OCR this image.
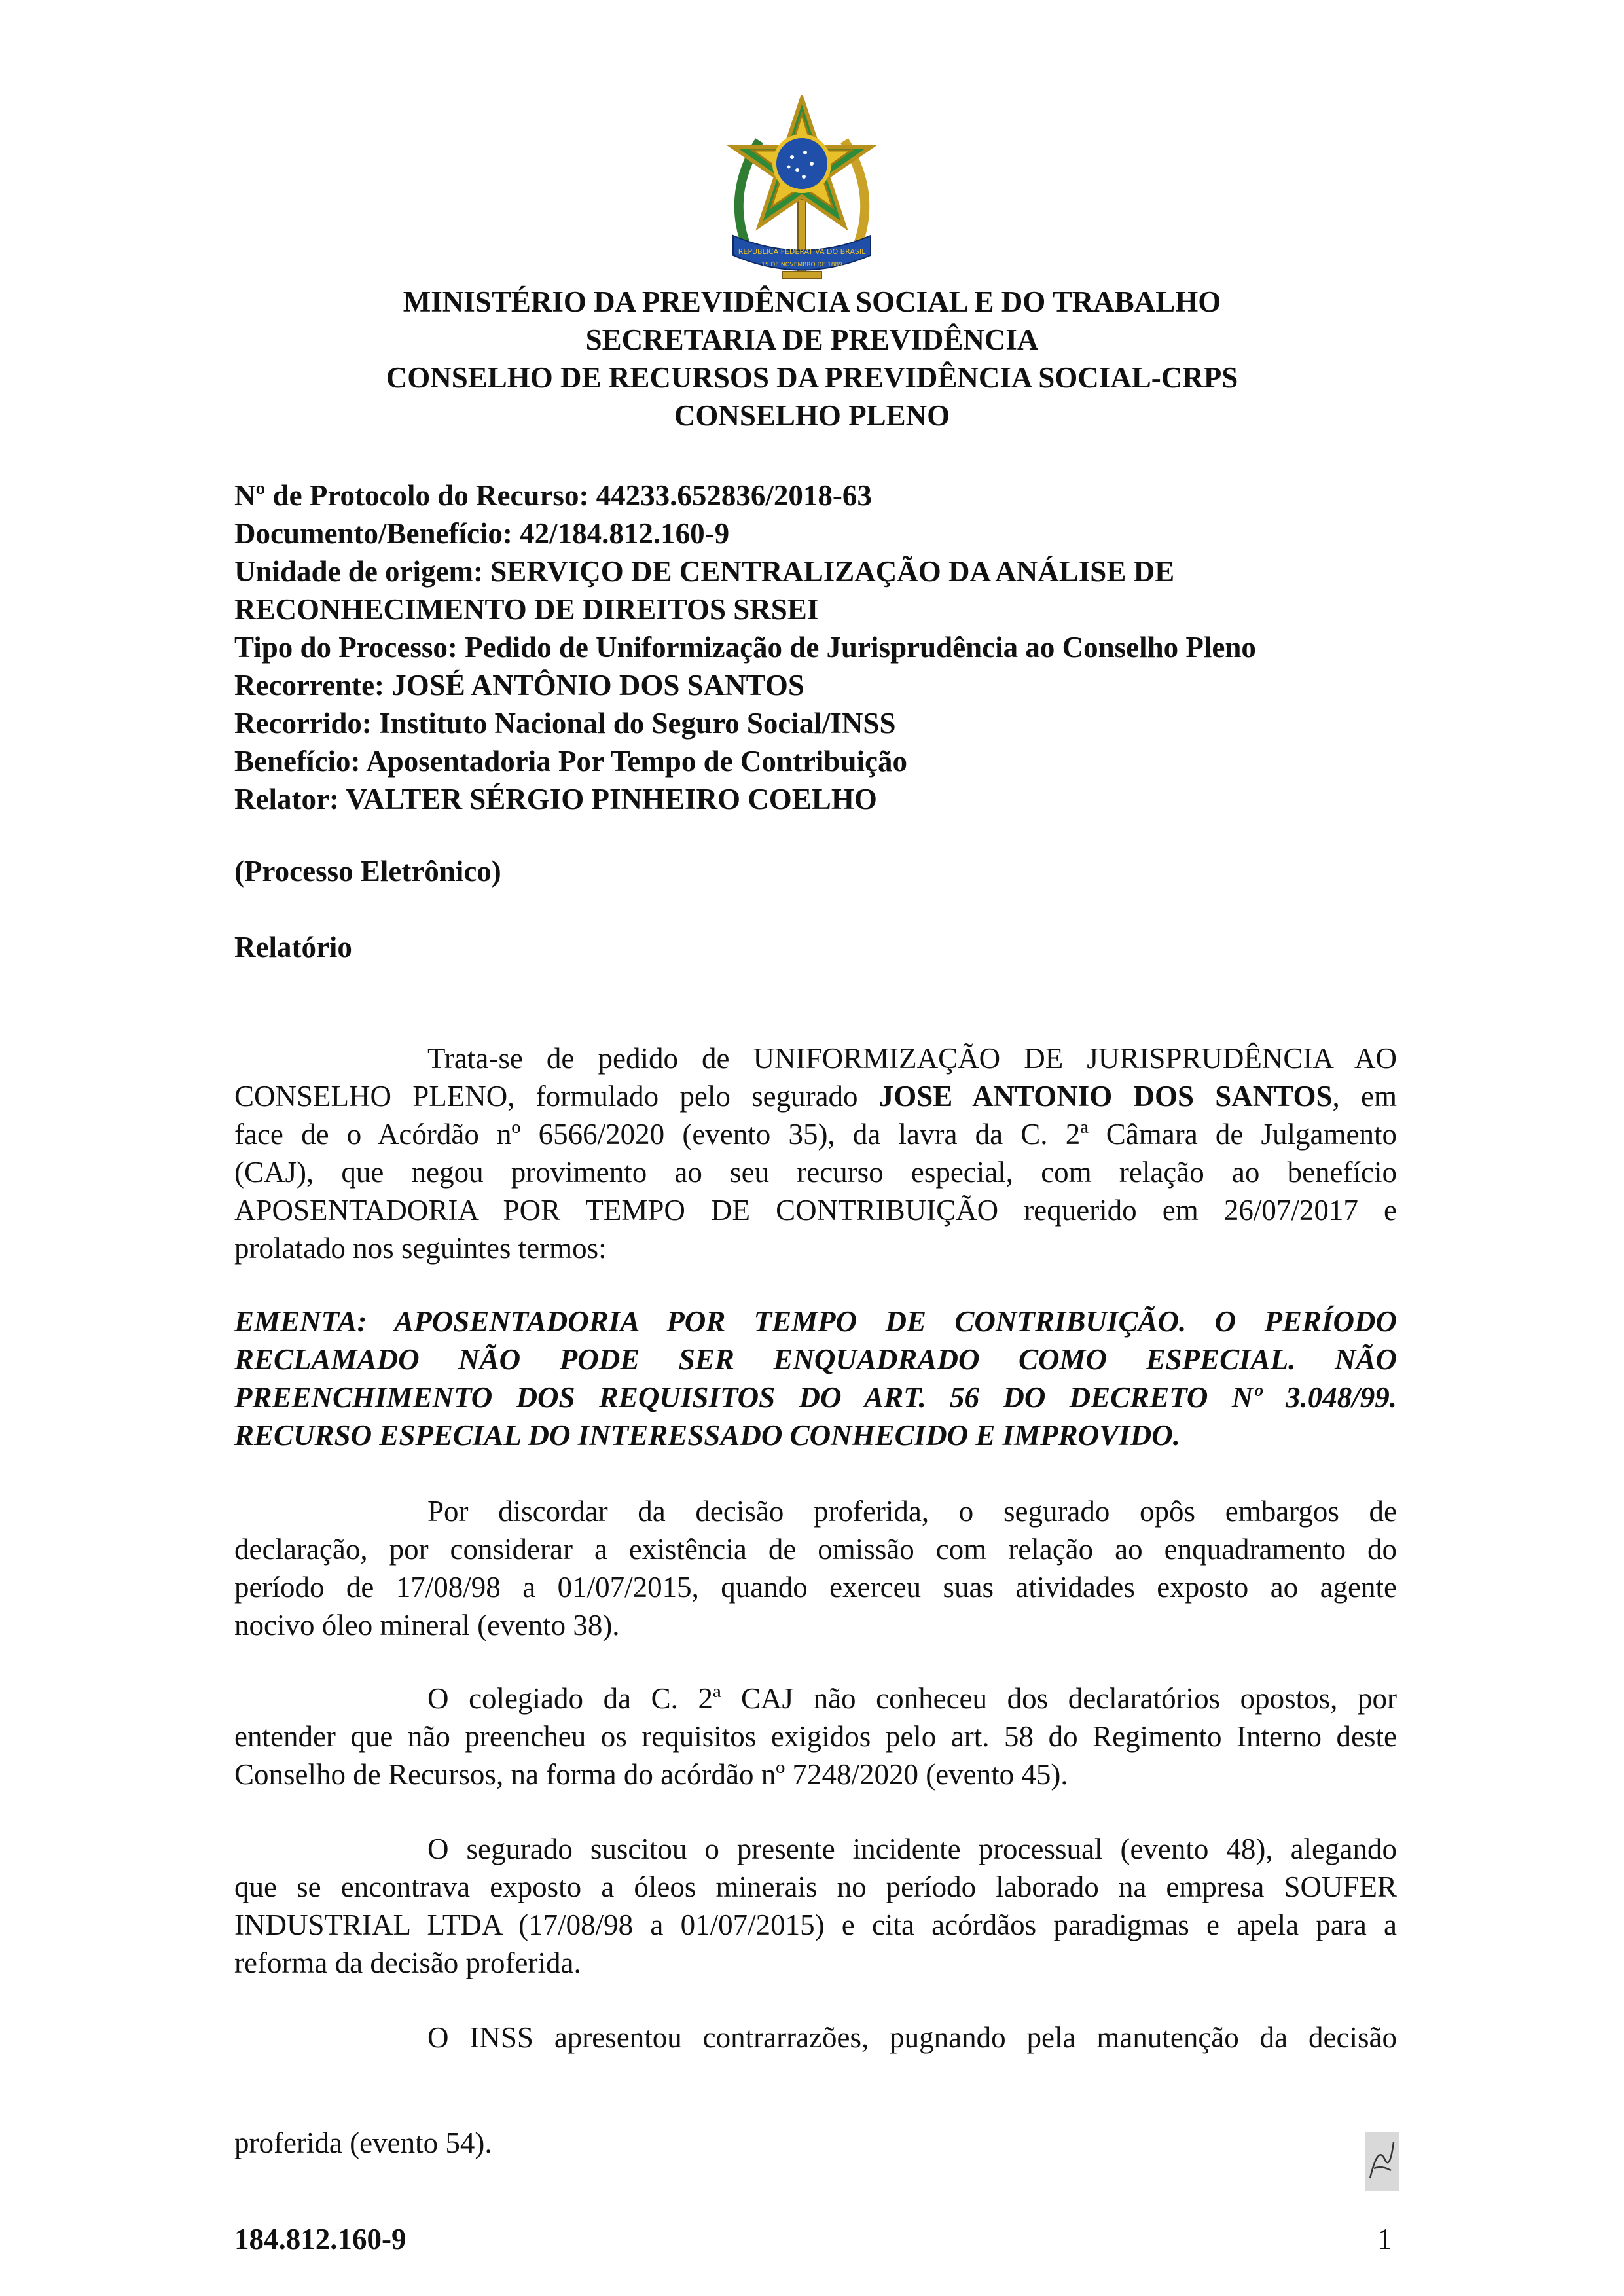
REPÚBLICA FEDERATIVA DO BRASIL
15 DE NOVEMBRO DE 1889
MINISTÉRIO DA PREVIDÊNCIA SOCIAL E DO TRABALHO
SECRETARIA DE PREVIDÊNCIA
CONSELHO DE RECURSOS DA PREVIDÊNCIA SOCIAL-CRPS
CONSELHO PLENO
Nº de Protocolo do Recurso: 44233.652836/2018-63
Documento/Benefício: 42/184.812.160-9
Unidade de origem: SERVIÇO DE CENTRALIZAÇÃO DA ANÁLISE DE
RECONHECIMENTO DE DIREITOS SRSEI
Tipo do Processo: Pedido de Uniformização de Jurisprudência ao Conselho Pleno
Recorrente: JOSÉ ANTÔNIO DOS SANTOS
Recorrido: Instituto Nacional do Seguro Social/INSS
Benefício: Aposentadoria Por Tempo de Contribuição
Relator: VALTER SÉRGIO PINHEIRO COELHO
(Processo Eletrônico)
Relatório
Trata-se de pedido de UNIFORMIZAÇÃO DE JURISPRUDÊNCIA AO
CONSELHO PLENO, formulado pelo segurado JOSE ANTONIO DOS SANTOS, em
face de o Acórdão nº 6566/2020 (evento 35), da lavra da C. 2ª Câmara de Julgamento
(CAJ), que negou provimento ao seu recurso especial, com relação ao benefício
APOSENTADORIA POR TEMPO DE CONTRIBUIÇÃO requerido em 26/07/2017 e
prolatado nos seguintes termos:
EMENTA: APOSENTADORIA POR TEMPO DE CONTRIBUIÇÃO. O PERÍODO
RECLAMADO NÃO PODE SER ENQUADRADO COMO ESPECIAL. NÃO
PREENCHIMENTO DOS REQUISITOS DO ART. 56 DO DECRETO Nº 3.048/99.
RECURSO ESPECIAL DO INTERESSADO CONHECIDO E IMPROVIDO.
Por discordar da decisão proferida, o segurado opôs embargos de
declaração, por considerar a existência de omissão com relação ao enquadramento do
período de 17/08/98 a 01/07/2015, quando exerceu suas atividades exposto ao agente
nocivo óleo mineral (evento 38).
O colegiado da C. 2ª CAJ não conheceu dos declaratórios opostos, por
entender que não preencheu os requisitos exigidos pelo art. 58 do Regimento Interno deste
Conselho de Recursos, na forma do acórdão nº 7248/2020 (evento 45).
O segurado suscitou o presente incidente processual (evento 48), alegando
que se encontrava exposto a óleos minerais no período laborado na empresa SOUFER
INDUSTRIAL LTDA (17/08/98 a 01/07/2015) e cita acórdãos paradigmas e apela para a
reforma da decisão proferida.
O INSS apresentou contrarrazões, pugnando pela manutenção da decisão
proferida (evento 54).
184.812.160-9	1
